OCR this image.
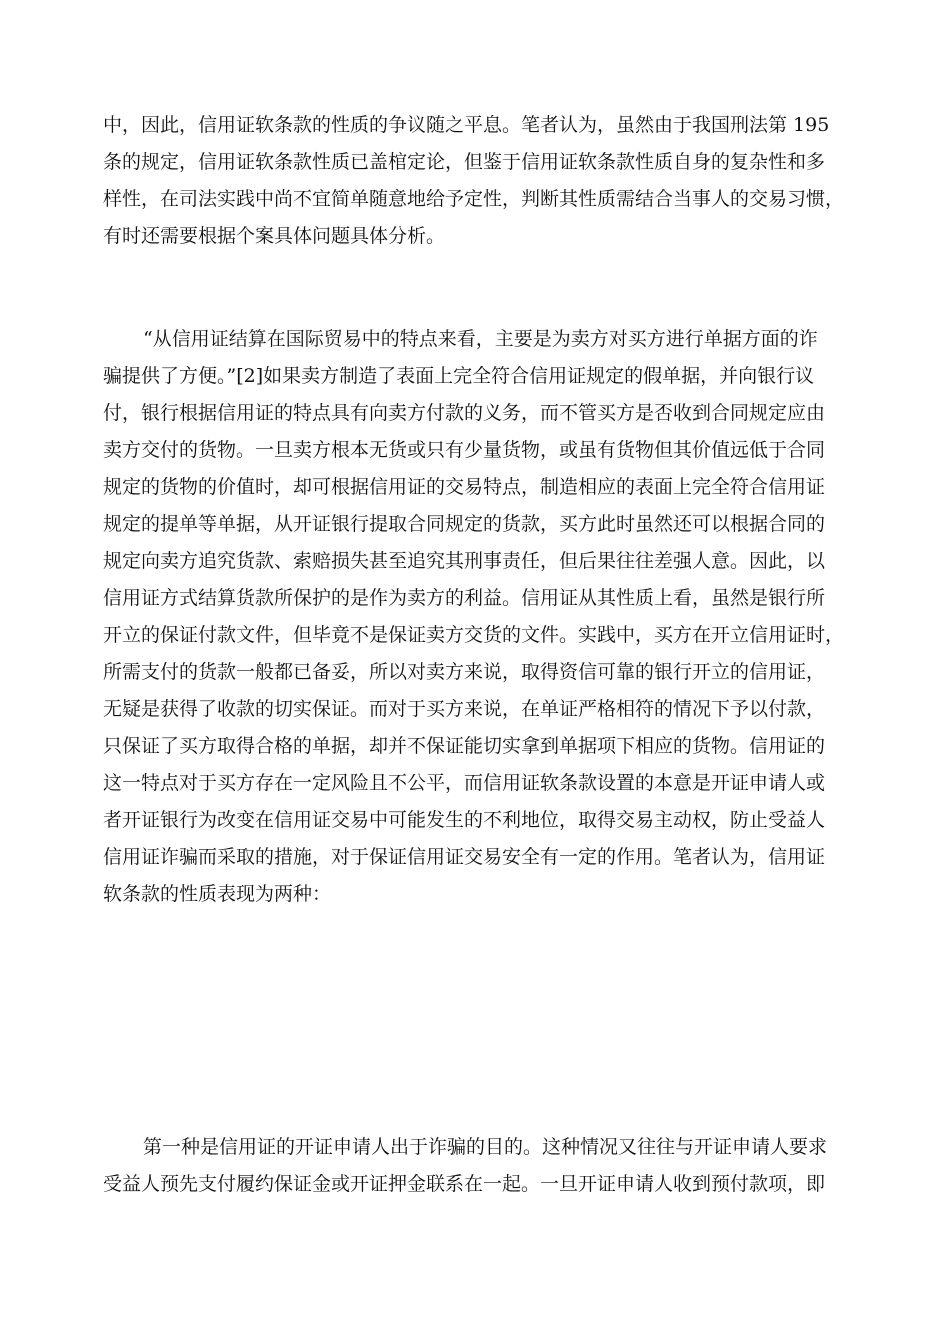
中，因此，信用证软条款的性质的争议随之平息。笔者认为，虽然由于我国刑法第 195
条的规定，信用证软条款性质已盖棺定论，但鉴于信用证软条款性质自身的复杂性和多
样性，在司法实践中尚不宜简单随意地给予定性，判断其性质需结合当事人的交易习惯，
有时还需要根据个案具体问题具体分析。
“从信用证结算在国际贸易中的特点来看，主要是为卖方对买方进行单据方面的诈
骗提供了方便。”[2]如果卖方制造了表面上完全符合信用证规定的假单据，并向银行议
付，银行根据信用证的特点具有向卖方付款的义务，而不管买方是否收到合同规定应由
卖方交付的货物。一旦卖方根本无货或只有少量货物，或虽有货物但其价值远低于合同
规定的货物的价值时，却可根据信用证的交易特点，制造相应的表面上完全符合信用证
规定的提单等单据，从开证银行提取合同规定的货款，买方此时虽然还可以根据合同的
规定向卖方追究货款、索赔损失甚至追究其刑事责任，但后果往往差强人意。因此，以
信用证方式结算货款所保护的是作为卖方的利益。信用证从其性质上看，虽然是银行所
开立的保证付款文件，但毕竟不是保证卖方交货的文件。实践中，买方在开立信用证时，
所需支付的货款一般都已备妥，所以对卖方来说，取得资信可靠的银行开立的信用证，
无疑是获得了收款的切实保证。而对于买方来说，在单证严格相符的情况下予以付款，
只保证了买方取得合格的单据，却并不保证能切实拿到单据项下相应的货物。信用证的
这一特点对于买方存在一定风险且不公平，而信用证软条款设置的本意是开证申请人或
者开证银行为改变在信用证交易中可能发生的不利地位，取得交易主动权，防止受益人
信用证诈骗而采取的措施，对于保证信用证交易安全有一定的作用。笔者认为，信用证
软条款的性质表现为两种：
第一种是信用证的开证申请人出于诈骗的目的。这种情况又往往与开证申请人要求
受益人预先支付履约保证金或开证押金联系在一起。一旦开证申请人收到预付款项，即
